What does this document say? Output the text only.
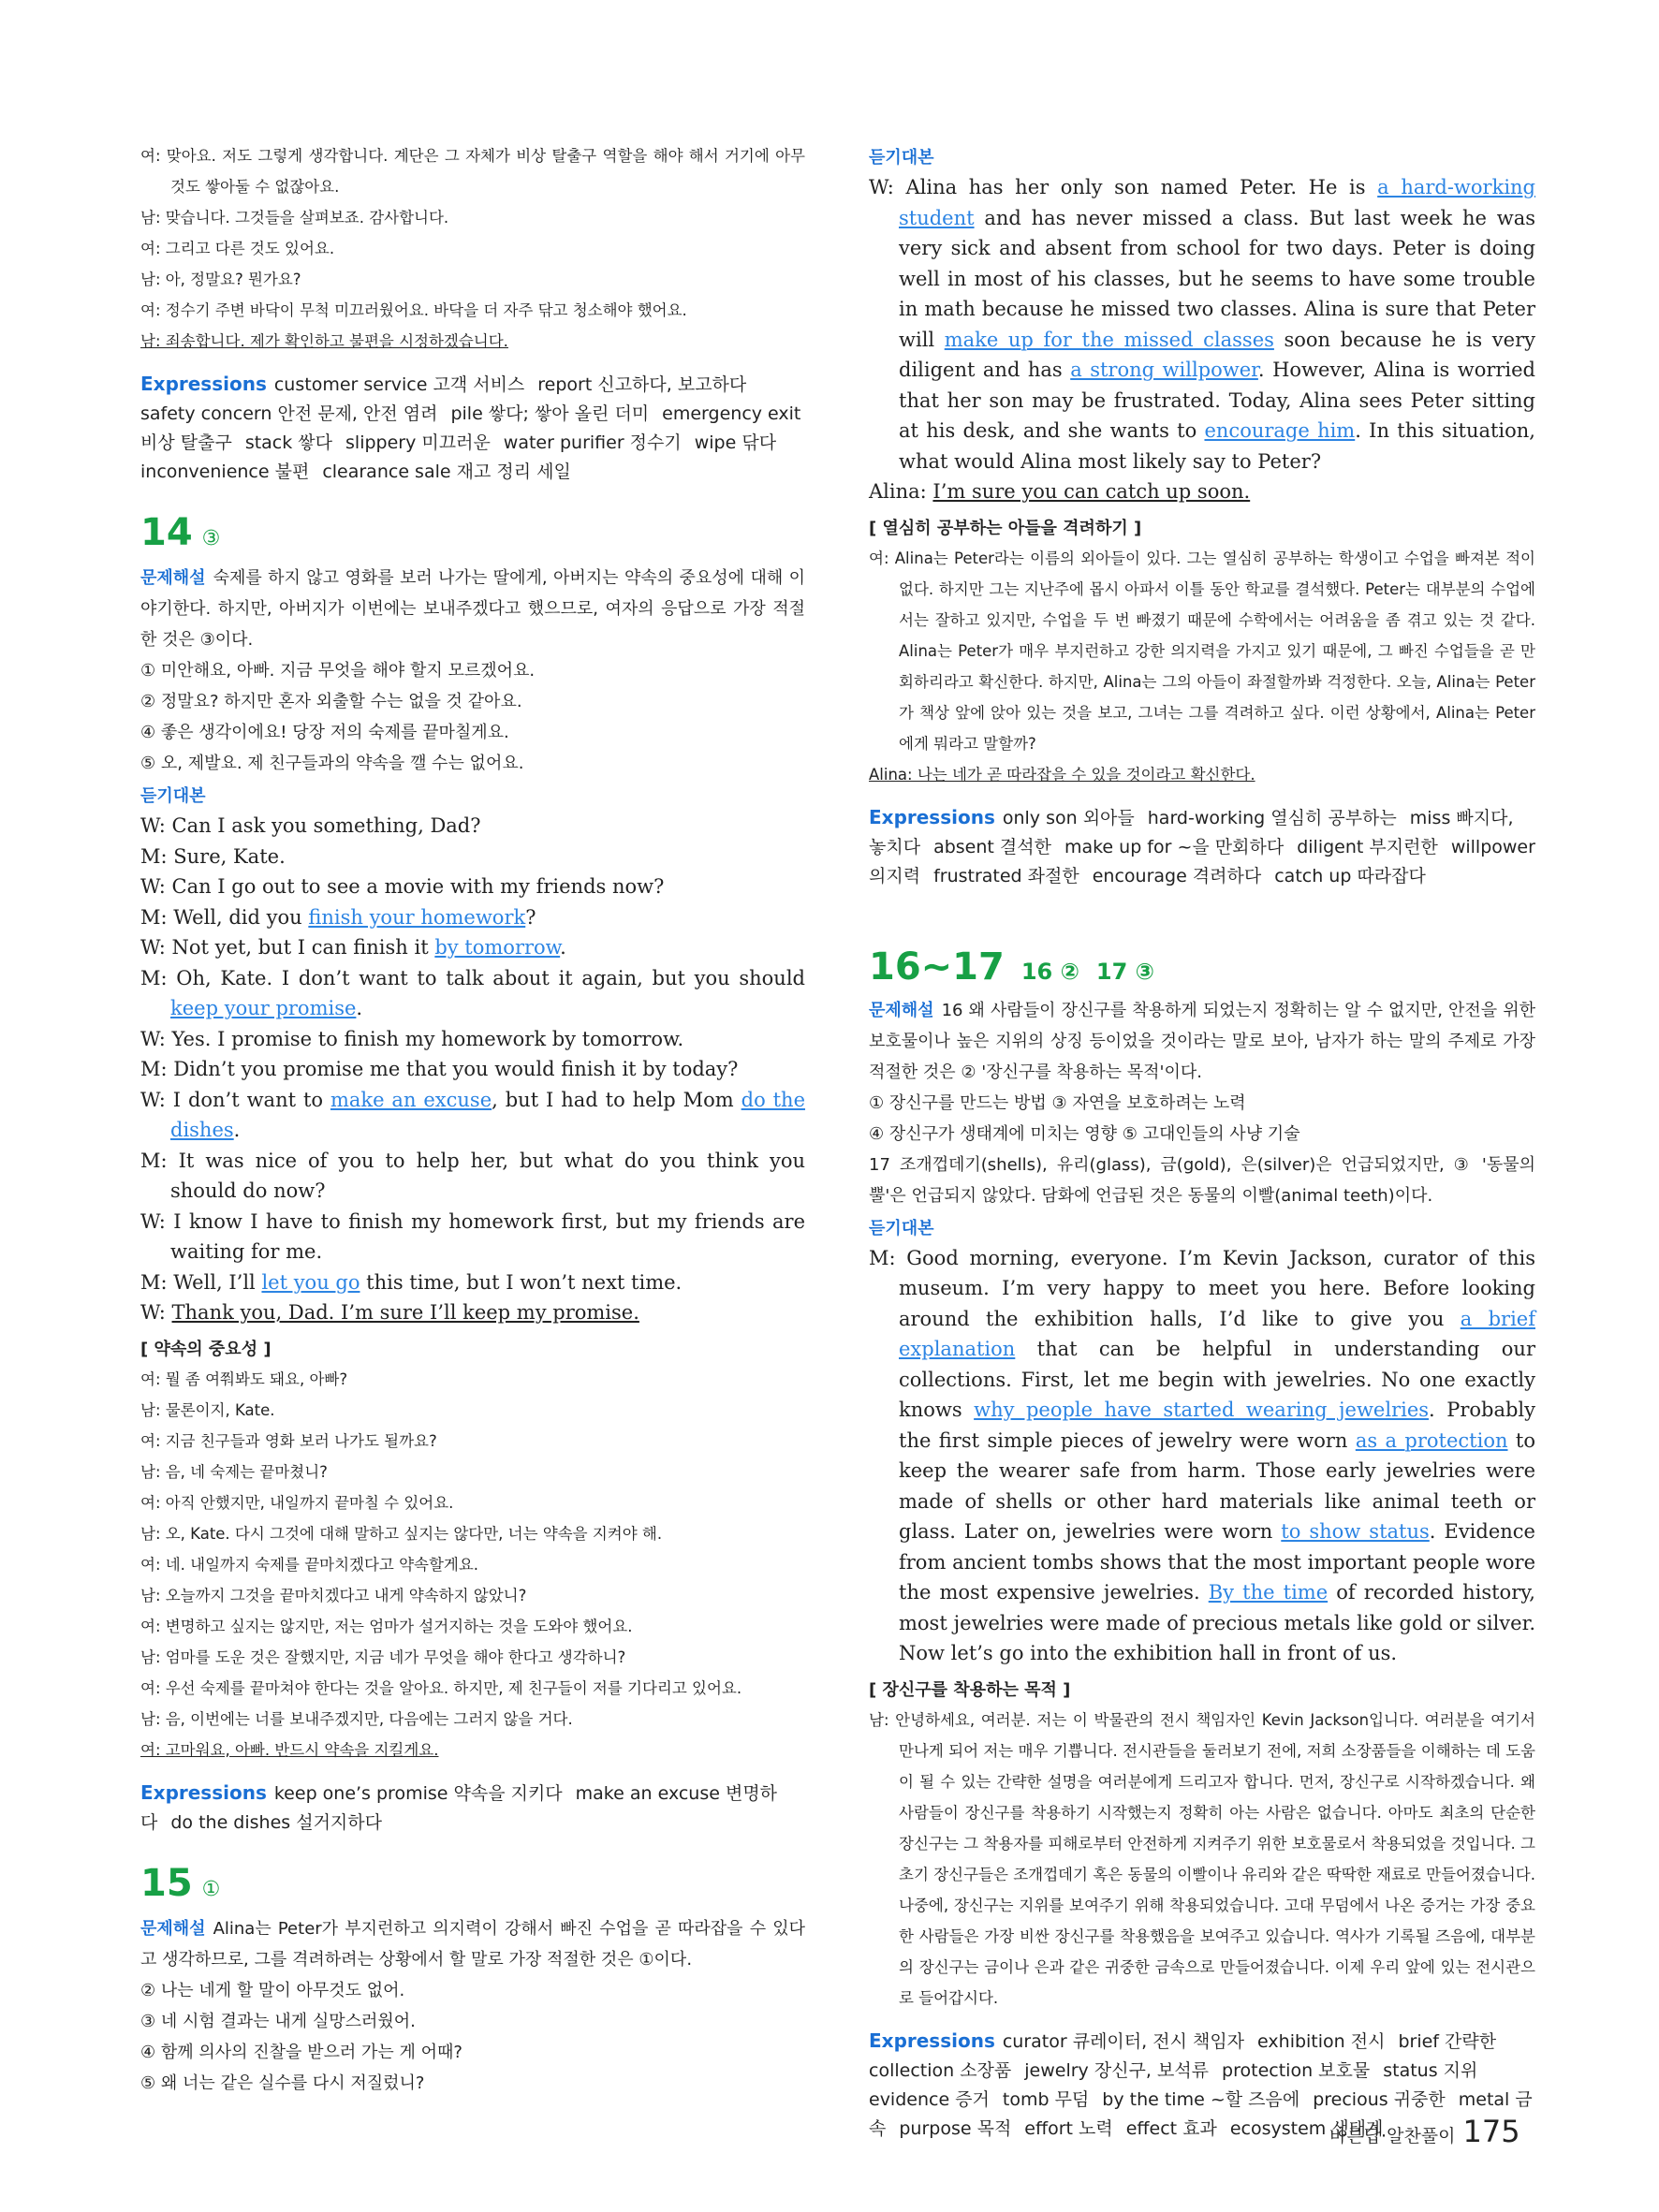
여: 맞아요. 저도 그렇게 생각합니다. 계단은 그 자체가 비상 탈출구 역할을 해야 해서 거기에 아무것도 쌓아둘 수 없잖아요.
남: 맞습니다. 그것들을 살펴보죠. 감사합니다.
여: 그리고 다른 것도 있어요.
남: 아, 정말요? 뭔가요?
여: 정수기 주변 바닥이 무척 미끄러웠어요. 바닥을 더 자주 닦고 청소해야 했어요.
남: 죄송합니다. 제가 확인하고 불편을 시정하겠습니다.
Expressions customer service 고객 서비스 report 신고하다, 보고하다safety concern 안전 문제, 안전 염려 pile 쌓다; 쌓아 올린 더미 emergency exit 비상 탈출구 stack 쌓다 slippery 미끄러운 water purifier 정수기 wipe 닦다inconvenience 불편 clearance sale 재고 정리 세일
14 ③
문제해설 숙제를 하지 않고 영화를 보러 나가는 딸에게, 아버지는 약속의 중요성에 대해 이야기한다. 하지만, 아버지가 이번에는 보내주겠다고 했으므로, 여자의 응답으로 가장 적절한 것은 ③이다.
① 미안해요, 아빠. 지금 무엇을 해야 할지 모르겠어요.
② 정말요? 하지만 혼자 외출할 수는 없을 것 같아요.
④ 좋은 생각이에요! 당장 저의 숙제를 끝마칠게요.
⑤ 오, 제발요. 제 친구들과의 약속을 깰 수는 없어요.
듣기대본
W: Can I ask you something, Dad?
M: Sure, Kate.
W: Can I go out to see a movie with my friends now?
M: Well, did you finish your homework?
W: Not yet, but I can finish it by tomorrow.
M: Oh, Kate. I don’t want to talk about it again, but you should keep your promise.
W: Yes. I promise to finish my homework by tomorrow.
M: Didn’t you promise me that you would finish it by today?
W: I don’t want to make an excuse, but I had to help Mom do the dishes.
M: It was nice of you to help her, but what do you think you should do now?
W: I know I have to finish my homework first, but my friends are waiting for me.
M: Well, I’ll let you go this time, but I won’t next time.
W: Thank you, Dad. I’m sure I’ll keep my promise.
[ 약속의 중요성 ]
여: 뭘 좀 여쭤봐도 돼요, 아빠?
남: 물론이지, Kate.
여: 지금 친구들과 영화 보러 나가도 될까요?
남: 음, 네 숙제는 끝마쳤니?
여: 아직 안했지만, 내일까지 끝마칠 수 있어요.
남: 오, Kate. 다시 그것에 대해 말하고 싶지는 않다만, 너는 약속을 지켜야 해.
여: 네. 내일까지 숙제를 끝마치겠다고 약속할게요.
남: 오늘까지 그것을 끝마치겠다고 내게 약속하지 않았니?
여: 변명하고 싶지는 않지만, 저는 엄마가 설거지하는 것을 도와야 했어요.
남: 엄마를 도운 것은 잘했지만, 지금 네가 무엇을 해야 한다고 생각하니?
여: 우선 숙제를 끝마쳐야 한다는 것을 알아요. 하지만, 제 친구들이 저를 기다리고 있어요.
남: 음, 이번에는 너를 보내주겠지만, 다음에는 그러지 않을 거다.
여: 고마워요, 아빠. 반드시 약속을 지킬게요.
Expressions keep one’s promise 약속을 지키다 make an excuse 변명하다 do the dishes 설거지하다
15 ①
문제해설 Alina는 Peter가 부지런하고 의지력이 강해서 빠진 수업을 곧 따라잡을 수 있다고 생각하므로, 그를 격려하려는 상황에서 할 말로 가장 적절한 것은 ①이다.
② 나는 네게 할 말이 아무것도 없어.
③ 네 시험 결과는 내게 실망스러웠어.
④ 함께 의사의 진찰을 받으러 가는 게 어때?
⑤ 왜 너는 같은 실수를 다시 저질렀니?
듣기대본
W: Alina has her only son named Peter. He is a hard-working student and has never missed a class. But last week he was very sick and absent from school for two days. Peter is doing well in most of his classes, but he seems to have some trouble in math because he missed two classes. Alina is sure that Peter will make up for the missed classes soon because he is very diligent and has a strong willpower. However, Alina is worried that her son may be frustrated. Today, Alina sees Peter sitting at his desk, and she wants to encourage him. In this situation, what would Alina most likely say to Peter?
Alina: I’m sure you can catch up soon.
[ 열심히 공부하는 아들을 격려하기 ]
여: Alina는 Peter라는 이름의 외아들이 있다. 그는 열심히 공부하는 학생이고 수업을 빠져본 적이 없다. 하지만 그는 지난주에 몹시 아파서 이틀 동안 학교를 결석했다. Peter는 대부분의 수업에서는 잘하고 있지만, 수업을 두 번 빠졌기 때문에 수학에서는 어려움을 좀 겪고 있는 것 같다. Alina는 Peter가 매우 부지런하고 강한 의지력을 가지고 있기 때문에, 그 빠진 수업들을 곧 만회하리라고 확신한다. 하지만, Alina는 그의 아들이 좌절할까봐 걱정한다. 오늘, Alina는 Peter가 책상 앞에 앉아 있는 것을 보고, 그녀는 그를 격려하고 싶다. 이런 상황에서, Alina는 Peter에게 뭐라고 말할까?
Alina: 나는 네가 곧 따라잡을 수 있을 것이라고 확신한다.
Expressions only son 외아들 hard-working 열심히 공부하는 miss 빠지다, 놓치다 absent 결석한 make up for ~을 만회하다 diligent 부지런한 willpower 의지력 frustrated 좌절한 encourage 격려하다 catch up 따라잡다
16~17 16 ② 17 ③
문제해설 16 왜 사람들이 장신구를 착용하게 되었는지 정확히는 알 수 없지만, 안전을 위한 보호물이나 높은 지위의 상징 등이었을 것이라는 말로 보아, 남자가 하는 말의 주제로 가장 적절한 것은 ② '장신구를 착용하는 목적'이다.
① 장신구를 만드는 방법 ③ 자연을 보호하려는 노력
④ 장신구가 생태계에 미치는 영향 ⑤ 고대인들의 사냥 기술
17 조개껍데기(shells), 유리(glass), 금(gold), 은(silver)은 언급되었지만, ③ '동물의 뿔'은 언급되지 않았다. 담화에 언급된 것은 동물의 이빨(animal teeth)이다.
듣기대본
M: Good morning, everyone. I’m Kevin Jackson, curator of this museum. I’m very happy to meet you here. Before looking around the exhibition halls, I’d like to give you a brief explanation that can be helpful in understanding our collections. First, let me begin with jewelries. No one exactly knows why people have started wearing jewelries. Probably the first simple pieces of jewelry were worn as a protection to keep the wearer safe from harm. Those early jewelries were made of shells or other hard materials like animal teeth or glass. Later on, jewelries were worn to show status. Evidence from ancient tombs shows that the most important people wore the most expensive jewelries. By the time of recorded history, most jewelries were made of precious metals like gold or silver. Now let’s go into the exhibition hall in front of us.
[ 장신구를 착용하는 목적 ]
남: 안녕하세요, 여러분. 저는 이 박물관의 전시 책임자인 Kevin Jackson입니다. 여러분을 여기서 만나게 되어 저는 매우 기쁩니다. 전시관들을 둘러보기 전에, 저희 소장품들을 이해하는 데 도움이 될 수 있는 간략한 설명을 여러분에게 드리고자 합니다. 먼저, 장신구로 시작하겠습니다. 왜 사람들이 장신구를 착용하기 시작했는지 정확히 아는 사람은 없습니다. 아마도 최초의 단순한 장신구는 그 착용자를 피해로부터 안전하게 지켜주기 위한 보호물로서 착용되었을 것입니다. 그 초기 장신구들은 조개껍데기 혹은 동물의 이빨이나 유리와 같은 딱딱한 재료로 만들어졌습니다. 나중에, 장신구는 지위를 보여주기 위해 착용되었습니다. 고대 무덤에서 나온 증거는 가장 중요한 사람들은 가장 비싼 장신구를 착용했음을 보여주고 있습니다. 역사가 기록될 즈음에, 대부분의 장신구는 금이나 은과 같은 귀중한 금속으로 만들어졌습니다. 이제 우리 앞에 있는 전시관으로 들어갑시다.
Expressions curator 큐레이터, 전시 책임자 exhibition 전시 brief 간략한collection 소장품 jewelry 장신구, 보석류 protection 보호물 status 지위evidence 증거 tomb 무덤 by the time ~할 즈음에 precious 귀중한 metal 금속 purpose 목적 effort 노력 effect 효과 ecosystem 생태계
바른답·알찬풀이 175
